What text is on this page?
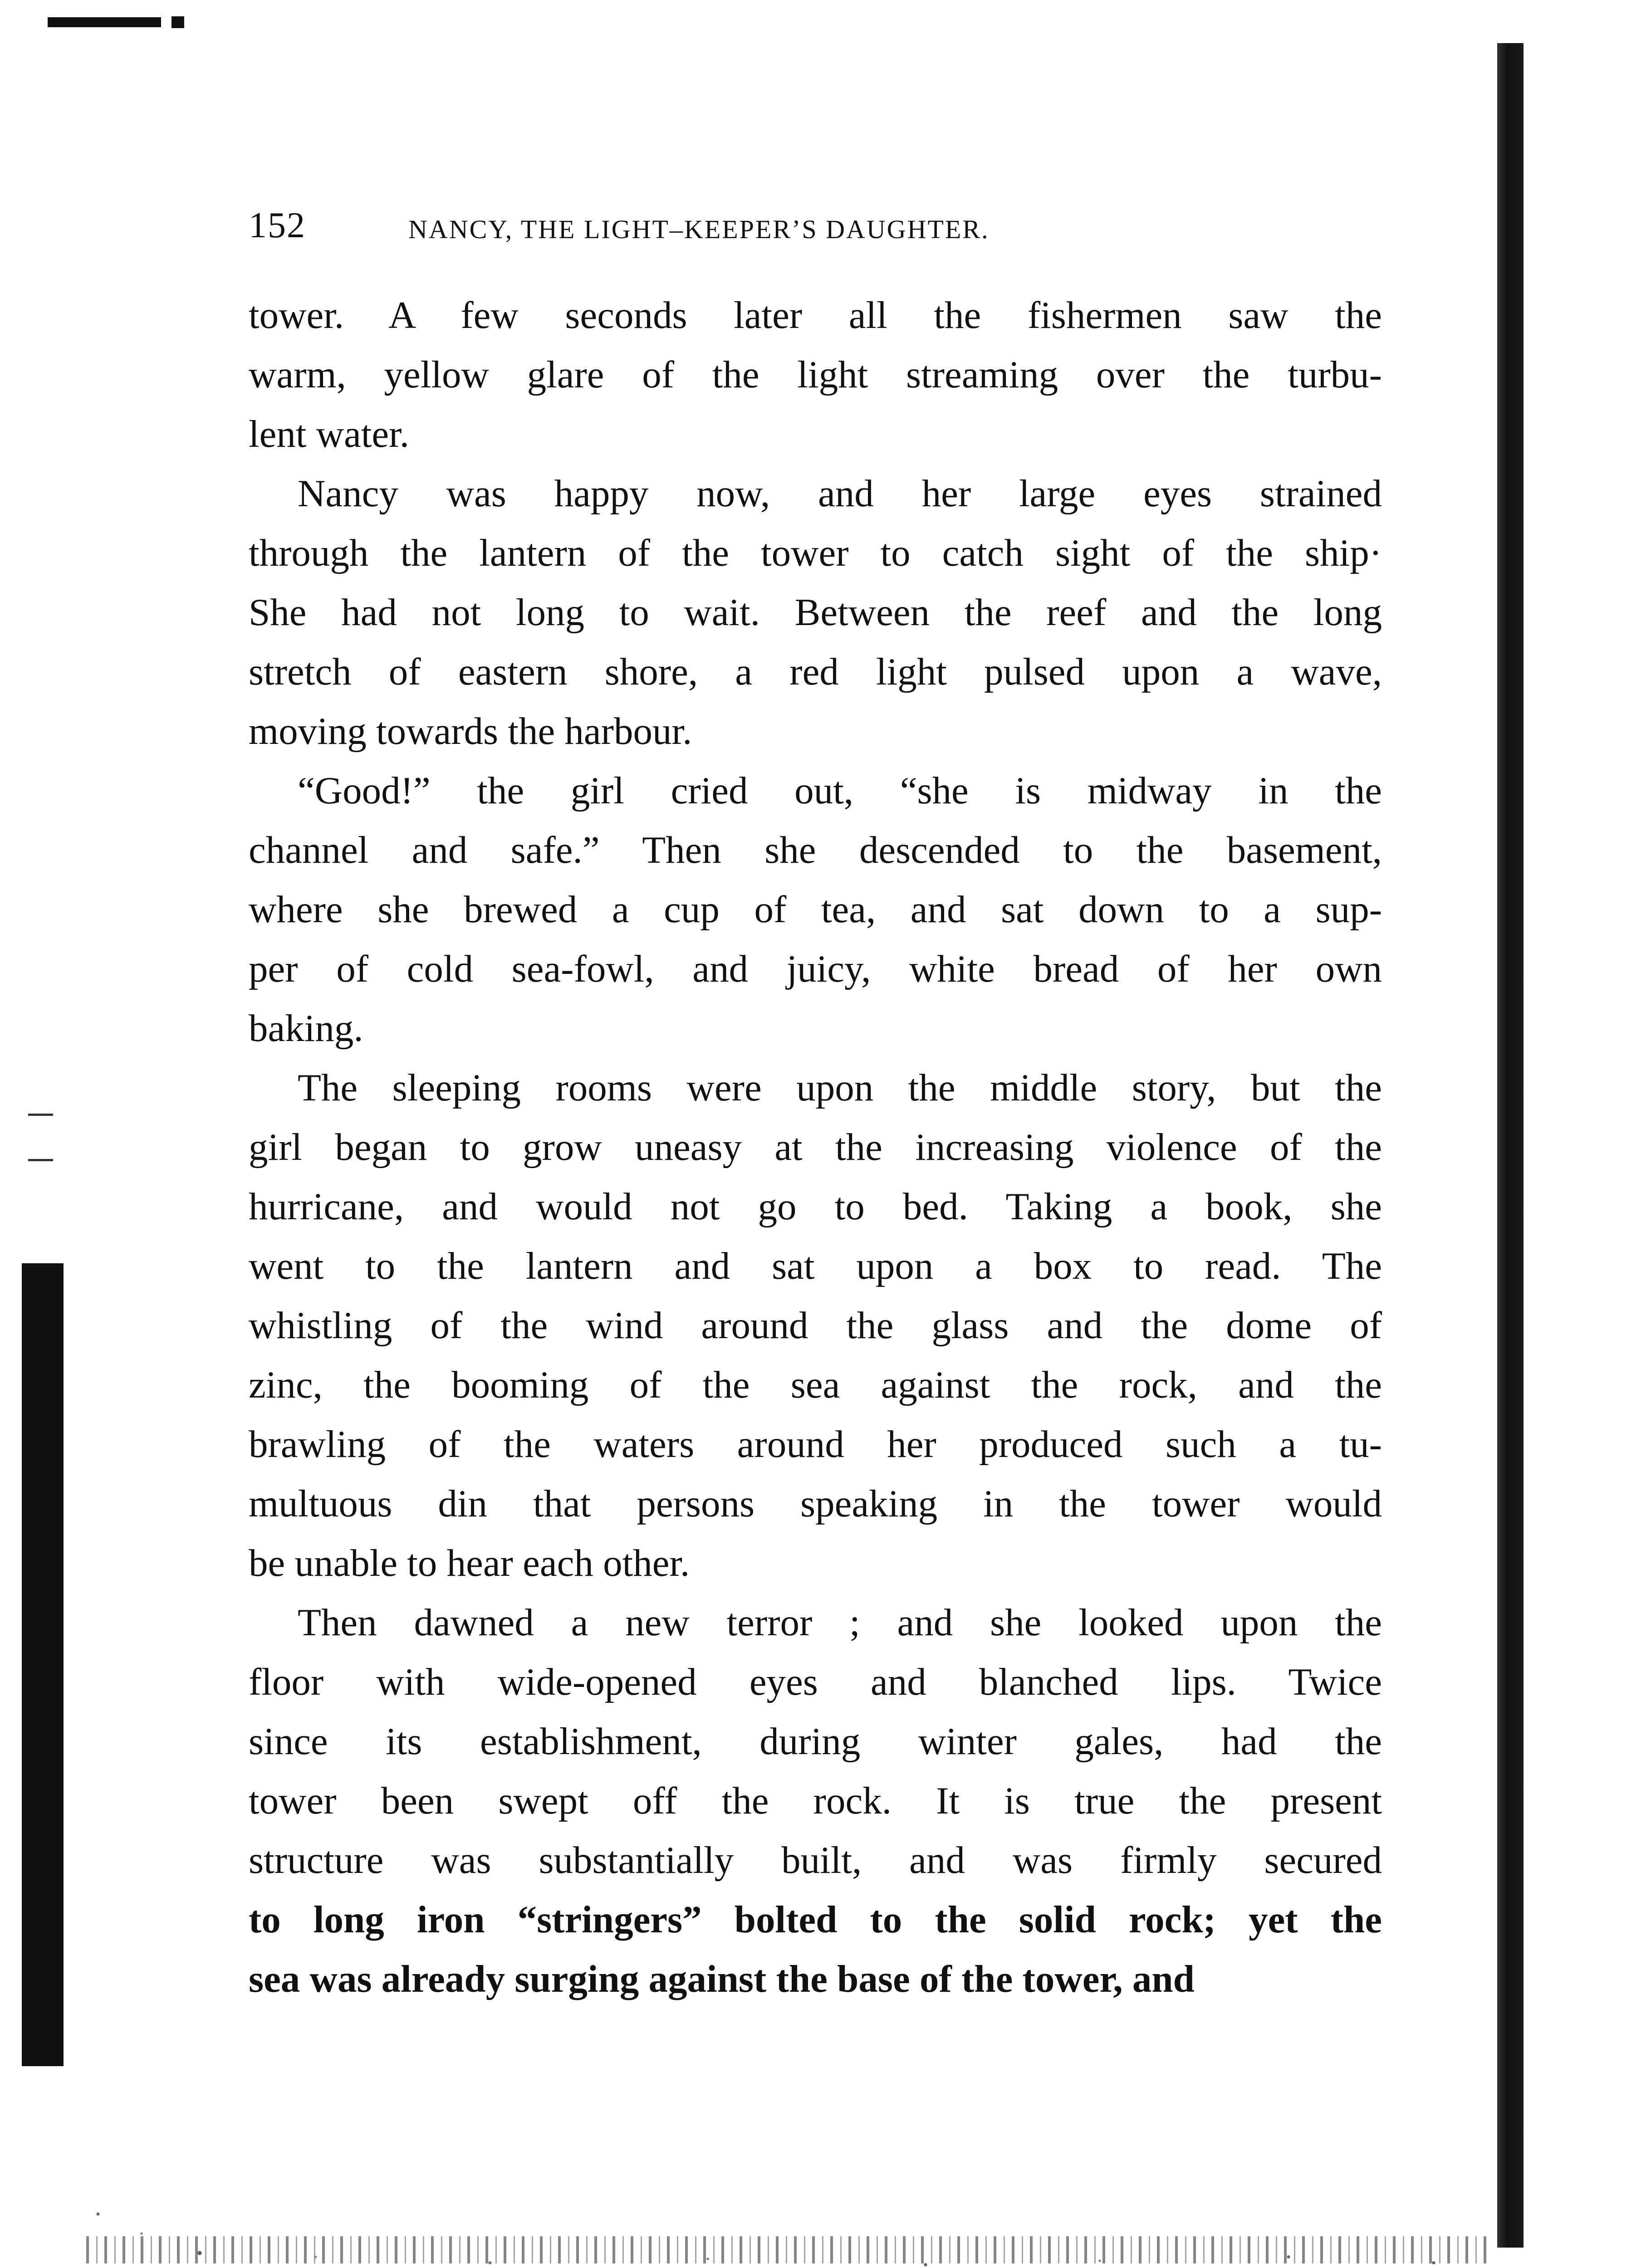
152	NANCY, THE LIGHT–KEEPER’S DAUGHTER.
tower. A few seconds later all the fishermen saw the
warm, yellow glare of the light streaming over the turbu-
lent water.
Nancy was happy now, and her large eyes strained
through the lantern of the tower to catch sight of the ship·
She had not long to wait. Between the reef and the long
stretch of eastern shore, a red light pulsed upon a wave,
moving towards the harbour.
“Good!” the girl cried out, “she is midway in the
channel and safe.” Then she descended to the basement,
where she brewed a cup of tea, and sat down to a sup-
per of cold sea-fowl, and juicy, white bread of her own
baking.
The sleeping rooms were upon the middle story, but the
girl began to grow uneasy at the increasing violence of the
hurricane, and would not go to bed. Taking a book, she
went to the lantern and sat upon a box to read. The
whistling of the wind around the glass and the dome of
zinc, the booming of the sea against the rock, and the
brawling of the waters around her produced such a tu-
multuous din that persons speaking in the tower would
be unable to hear each other.
Then dawned a new terror ; and she looked upon the
floor with wide-opened eyes and blanched lips. Twice
since its establishment, during winter gales, had the
tower been swept off the rock. It is true the present
structure was substantially built, and was firmly secured
to long iron “stringers” bolted to the solid rock; yet the
sea was already surging against the base of the tower, and
